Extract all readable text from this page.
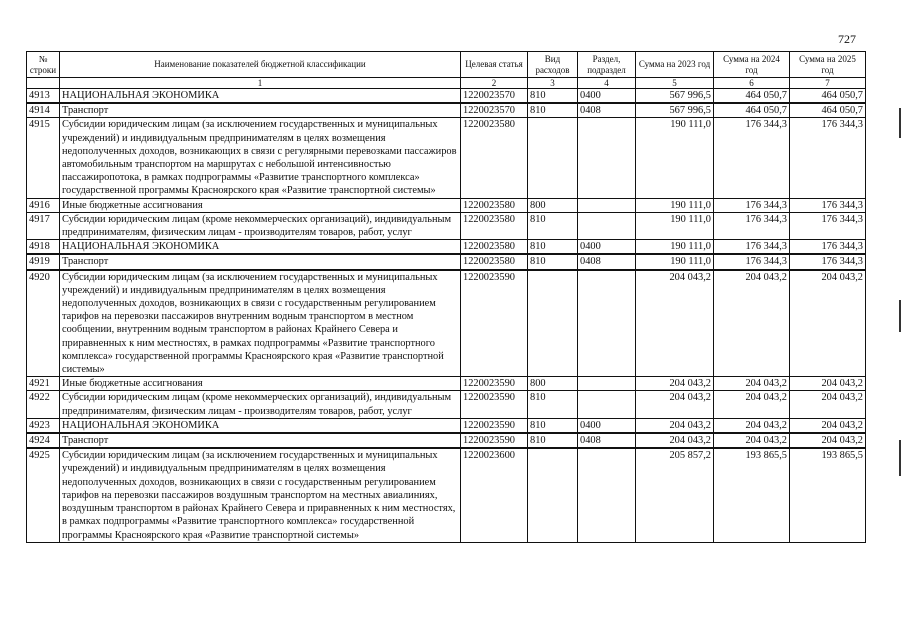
727
№ строки	Наименование показателей бюджетной классификации	Целевая статья	Вид расходов	Раздел, подраздел	Сумма на 2023 год	Сумма на 2024 год	Сумма на 2025 год
	1	2	3	4	5	6	7
4913	НАЦИОНАЛЬНАЯ ЭКОНОМИКА	1220023570	810	0400	567 996,5	464 050,7	464 050,7
4914	Транспорт	1220023570	810	0408	567 996,5	464 050,7	464 050,7
4915	Субсидии юридическим лицам (за исключением государственных и муниципальных учреждений) и индивидуальным предпринимателям в целях возмещения недополученных доходов, возникающих в связи с регулярными перевозками пассажиров автомобильным транспортом на маршрутах с небольшой интенсивностью пассажиропотока, в рамках подпрограммы «Развитие транспортного комплекса» государственной программы Красноярского края «Развитие транспортной системы»	1220023580			190 111,0	176 344,3	176 344,3
4916	Иные бюджетные ассигнования	1220023580	800		190 111,0	176 344,3	176 344,3
4917	Субсидии юридическим лицам (кроме некоммерческих организаций), индивидуальным предпринимателям, физическим лицам - производителям товаров, работ, услуг	1220023580	810		190 111,0	176 344,3	176 344,3
4918	НАЦИОНАЛЬНАЯ ЭКОНОМИКА	1220023580	810	0400	190 111,0	176 344,3	176 344,3
4919	Транспорт	1220023580	810	0408	190 111,0	176 344,3	176 344,3
4920	Субсидии юридическим лицам (за исключением государственных и муниципальных учреждений) и индивидуальным предпринимателям в целях возмещения недополученных доходов, возникающих в связи с государственным регулированием тарифов на перевозки пассажиров внутренним водным транспортом в местном сообщении, внутренним водным транспортом в районах Крайнего Севера и приравненных к ним местностях, в рамках подпрограммы «Развитие транспортного комплекса» государственной программы Красноярского края «Развитие транспортной системы»	1220023590			204 043,2	204 043,2	204 043,2
4921	Иные бюджетные ассигнования	1220023590	800		204 043,2	204 043,2	204 043,2
4922	Субсидии юридическим лицам (кроме некоммерческих организаций), индивидуальным предпринимателям, физическим лицам - производителям товаров, работ, услуг	1220023590	810		204 043,2	204 043,2	204 043,2
4923	НАЦИОНАЛЬНАЯ ЭКОНОМИКА	1220023590	810	0400	204 043,2	204 043,2	204 043,2
4924	Транспорт	1220023590	810	0408	204 043,2	204 043,2	204 043,2
4925	Субсидии юридическим лицам (за исключением государственных и муниципальных учреждений) и индивидуальным предпринимателям в целях возмещения недополученных доходов, возникающих в связи с государственным регулированием тарифов на перевозки пассажиров воздушным транспортом на местных авиалиниях, воздушным транспортом в районах Крайнего Севера и приравненных к ним местностях, в рамках подпрограммы «Развитие транспортного комплекса» государственной программы Красноярского края «Развитие транспортной системы»	1220023600			205 857,2	193 865,5	193 865,5
